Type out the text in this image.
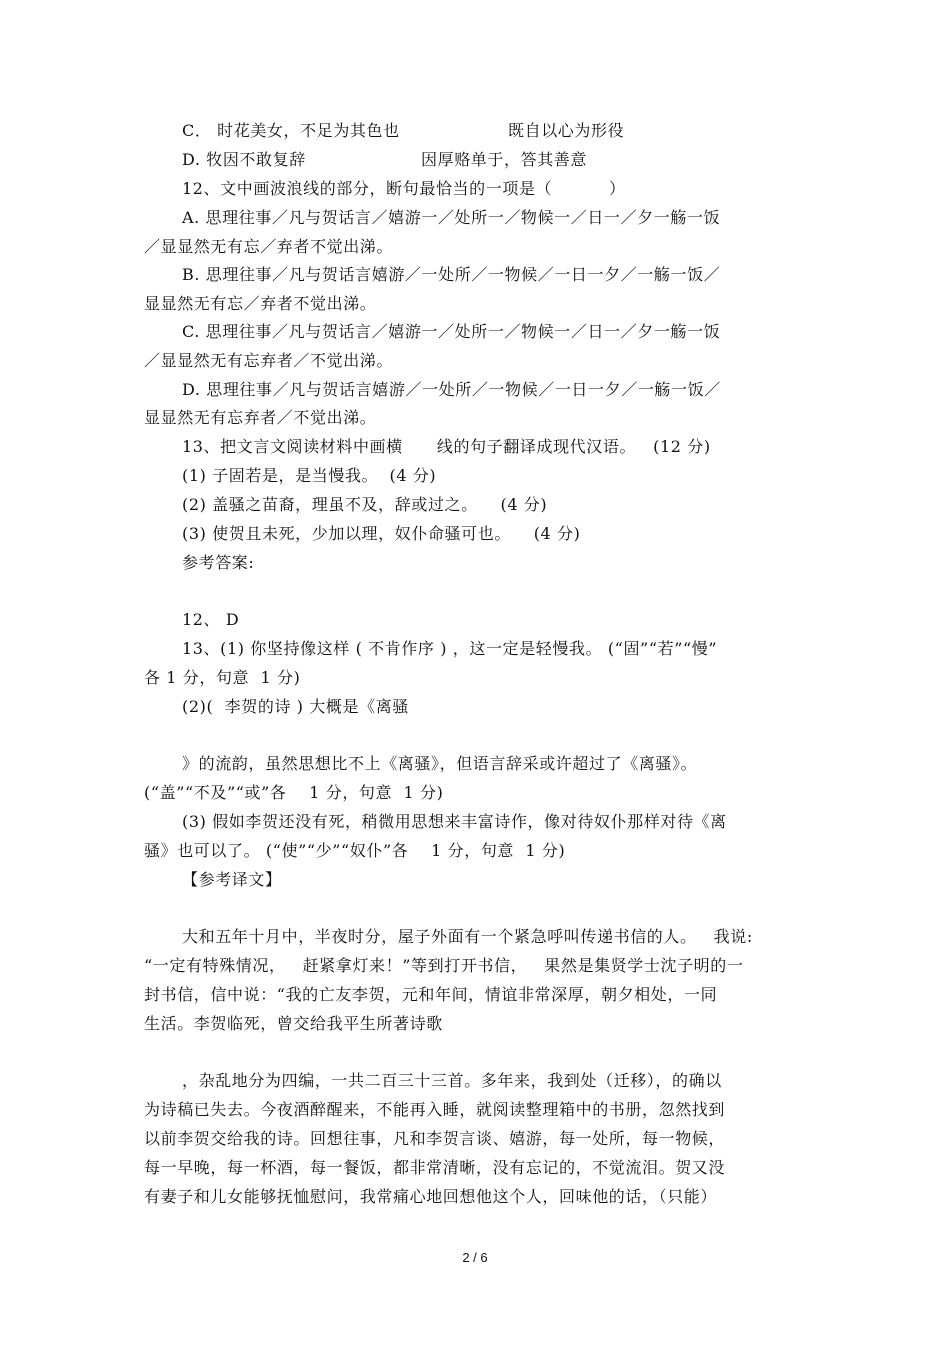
C． 时花美女，不足为其色也	既自以心为形役
D. 牧因不敢复辞	因厚赂单于，答其善意
12、文中画波浪线的部分，断句最恰当的一项是（          ）
A. 思理往事／凡与贺话言／嬉游一／处所一／物候一／日一／夕一觞一饭
／显显然无有忘／弃者不觉出涕。
B. 思理往事／凡与贺话言嬉游／一处所／一物候／一日一夕／一觞一饭／
显显然无有忘／弃者不觉出涕。
C. 思理往事／凡与贺话言／嬉游一／处所一／物候一／日一／夕一觞一饭
／显显然无有忘弃者／不觉出涕。
D. 思理往事／凡与贺话言嬉游／一处所／一物候／一日一夕／一觞一饭／
显显然无有忘弃者／不觉出涕。
13、把文言文阅读材料中画横      线的句子翻译成现代汉语。   (12 分)
(1) 子固若是，是当慢我。  (4 分)
(2) 盖骚之苗裔，理虽不及，辞或过之。    (4 分)
(3) 使贺且未死，少加以理，奴仆命骚可也。    (4 分)
参考答案:
12、 D
13、(1) 你坚持像这样 ( 不肯作序 ) ，这一定是轻慢我。 (“固”“若”“慢”
各 1 分，句意  1 分)
(2)(  李贺的诗 ) 大概是《离骚
》的流韵，虽然思想比不上《离骚》，但语言辞采或许超过了《离骚》。
(“盖”“不及”“或”各    1 分，句意  1 分)
(3) 假如李贺还没有死，稍微用思想来丰富诗作，像对待奴仆那样对待《离
骚》也可以了。 (“使”“少”“奴仆”各    1 分，句意  1 分)
【参考译文】
大和五年十月中，半夜时分，屋子外面有一个紧急呼叫传递书信的人。   我说:
“一定有特殊情况，   赶紧拿灯来！”等到打开书信，   果然是集贤学士沈子明的一
封书信，信中说：“我的亡友李贺，元和年间，情谊非常深厚，朝夕相处，一同
生活。李贺临死，曾交给我平生所著诗歌
，杂乱地分为四编，一共二百三十三首。多年来，我到处（迁移），的确以
为诗稿已失去。今夜酒醉醒来，不能再入睡，就阅读整理箱中的书册，忽然找到
以前李贺交给我的诗。回想往事，凡和李贺言谈、嬉游，每一处所，每一物候，
每一早晚，每一杯酒，每一餐饭，都非常清晰，没有忘记的，不觉流泪。贺又没
有妻子和儿女能够抚恤慰问，我常痛心地回想他这个人，回味他的话，（只能）
2 / 6
